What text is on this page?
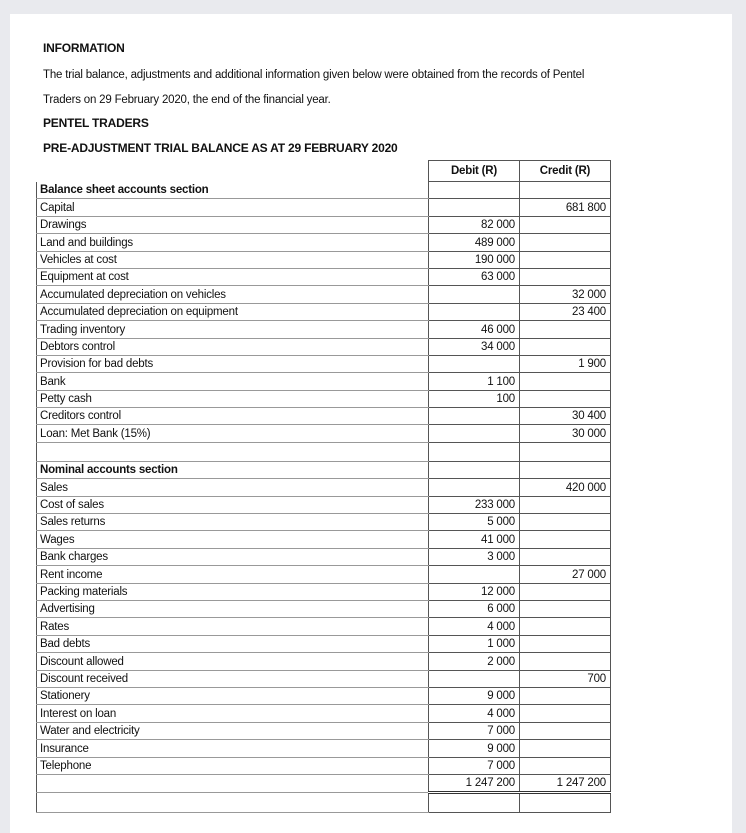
INFORMATION
The trial balance, adjustments and additional information given below were obtained from the records of Pentel
Traders on 29 February 2020, the end of the financial year.
PENTEL TRADERS
PRE-ADJUSTMENT TRIAL BALANCE AS AT 29 FEBRUARY 2020
	Debit (R)	Credit (R)
Balance sheet accounts section		
Capital		681 800
Drawings	82 000	
Land and buildings	489 000	
Vehicles at cost	190 000	
Equipment at cost	63 000	
Accumulated depreciation on vehicles		32 000
Accumulated depreciation on equipment		23 400
Trading inventory	46 000	
Debtors control	34 000	
Provision for bad debts		1 900
Bank	1 100	
Petty cash	100	
Creditors control		30 400
Loan: Met Bank (15%)		30 000

Nominal accounts section		
Sales		420 000
Cost of sales	233 000	
Sales returns	5 000	
Wages	41 000	
Bank charges	3 000	
Rent income		27 000
Packing materials	12 000	
Advertising	6 000	
Rates	4 000	
Bad debts	1 000	
Discount allowed	2 000	
Discount received		700
Stationery	9 000	
Interest on loan	4 000	
Water and electricity	7 000	
Insurance	9 000	
Telephone	7 000	
	1 247 200	1 247 200
